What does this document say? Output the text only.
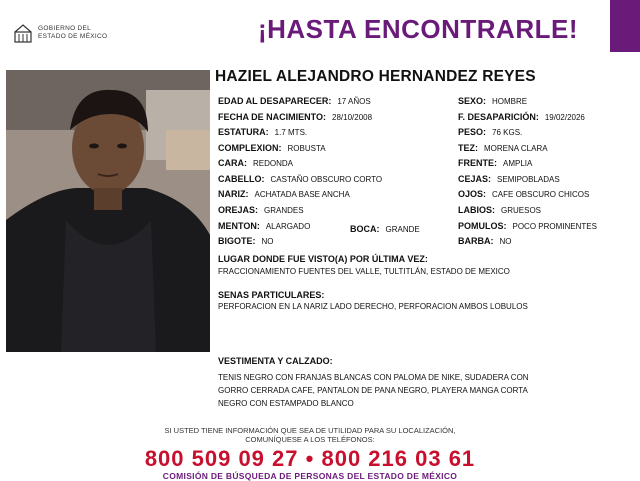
GOBIERNO DEL
ESTADO DE MÉXICO	¡HASTA ENCONTRARLE!
HAZIEL ALEJANDRO HERNANDEZ REYES
EDAD AL DESAPARECER: 17 AÑOS
FECHA DE NACIMIENTO: 28/10/2008
ESTATURA: 1.7 MTS.
COMPLEXION: ROBUSTA
CARA: REDONDA
CABELLO: CASTAÑO OBSCURO CORTO
NARIZ: ACHATADA BASE ANCHA
OREJAS: GRANDES
MENTON: ALARGADO	BOCA: GRANDE
BIGOTE: NO
SEXO: HOMBRE
F. DESAPARICIÓN: 19/02/2026
PESO: 76 KGS.
TEZ: MORENA CLARA
FRENTE: AMPLIA
CEJAS: SEMIPOBLADAS
OJOS: CAFE OBSCURO CHICOS
LABIOS: GRUESOS
POMULOS: POCO PROMINENTES
BARBA: NO
LUGAR DONDE FUE VISTO(A) POR ÚLTIMA VEZ:
FRACCIONAMIENTO FUENTES DEL VALLE, TULTITLÁN, ESTADO DE MEXICO
SENAS PARTICULARES:
PERFORACION EN LA NARIZ LADO DERECHO, PERFORACION AMBOS LOBULOS
VESTIMENTA Y CALZADO:
TENIS NEGRO CON FRANJAS BLANCAS CON PALOMA DE NIKE, SUDADERA CON
GORRO CERRADA CAFE, PANTALON DE PANA NEGRO, PLAYERA MANGA CORTA
NEGRO CON ESTAMPADO BLANCO
SI USTED TIENE INFORMACIÓN QUE SEA DE UTILIDAD PARA SU LOCALIZACIÓN,
COMUNÍQUESE A LOS TELÉFONOS:
800 509 09 27 • 800 216 03 61
COMISIÓN DE BÚSQUEDA DE PERSONAS DEL ESTADO DE MÉXICO
